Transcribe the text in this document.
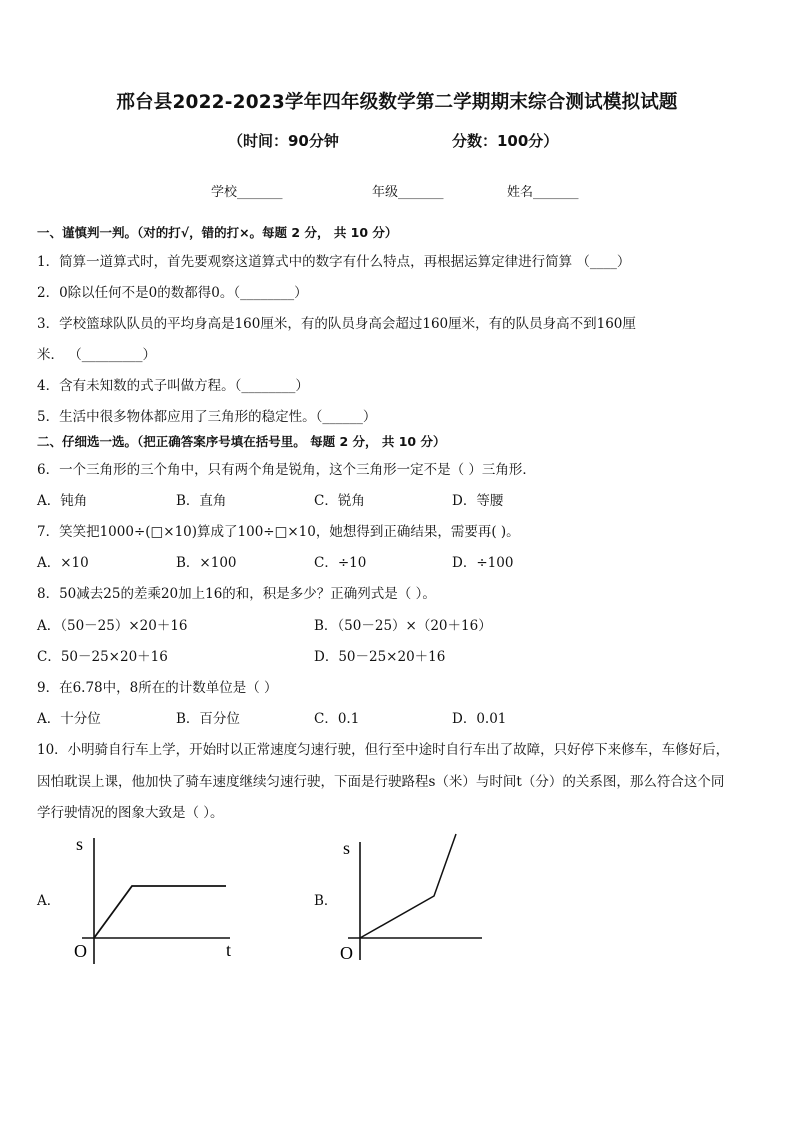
邢台县2022-2023学年四年级数学第二学期期末综合测试模拟试题
（时间：90分钟	分数：100分）
学校_______	年级_______	姓名_______
一、谨慎判一判。（对的打√，错的打×。每题 2 分， 共 10 分）
1．简算一道算式时，首先要观察这道算式中的数字有什么特点，再根据运算定律进行简算 （____）
2．0除以任何不是0的数都得0。（________）
3．学校篮球队队员的平均身高是160厘米，有的队员身高会超过160厘米，有的队员身高不到160厘
米． （_________）
4．含有未知数的式子叫做方程。（________）
5．生活中很多物体都应用了三角形的稳定性。（______）
二、仔细选一选。（把正确答案序号填在括号里。 每题 2 分， 共 10 分）
6．一个三角形的三个角中，只有两个角是锐角，这个三角形一定不是（ ）三角形．
A．钝角	B．直角	C．锐角	D．等腰
7．笑笑把1000÷(□×10)算成了100÷□×10，她想得到正确结果，需要再( )。
A．×10	B．×100	C．÷10	D．÷100
8．50减去25的差乘20加上16的和，积是多少？正确列式是（ ）。
A．（50－25）×20＋16	B．（50－25）×（20＋16）
C．50－25×20＋16	D．50－25×20＋16
9．在6.78中，8所在的计数单位是（ ）
A．十分位	B．百分位	C．0.1	D．0.01
10．小明骑自行车上学，开始时以正常速度匀速行驶，但行至中途时自行车出了故障，只好停下来修车，车修好后，
因怕耽误上课，他加快了骑车速度继续匀速行驶，下面是行驶路程s（米）与时间t（分）的关系图，那么符合这个同
学行驶情况的图象大致是（ ）。
A．
s
O	t
B．
s
O
